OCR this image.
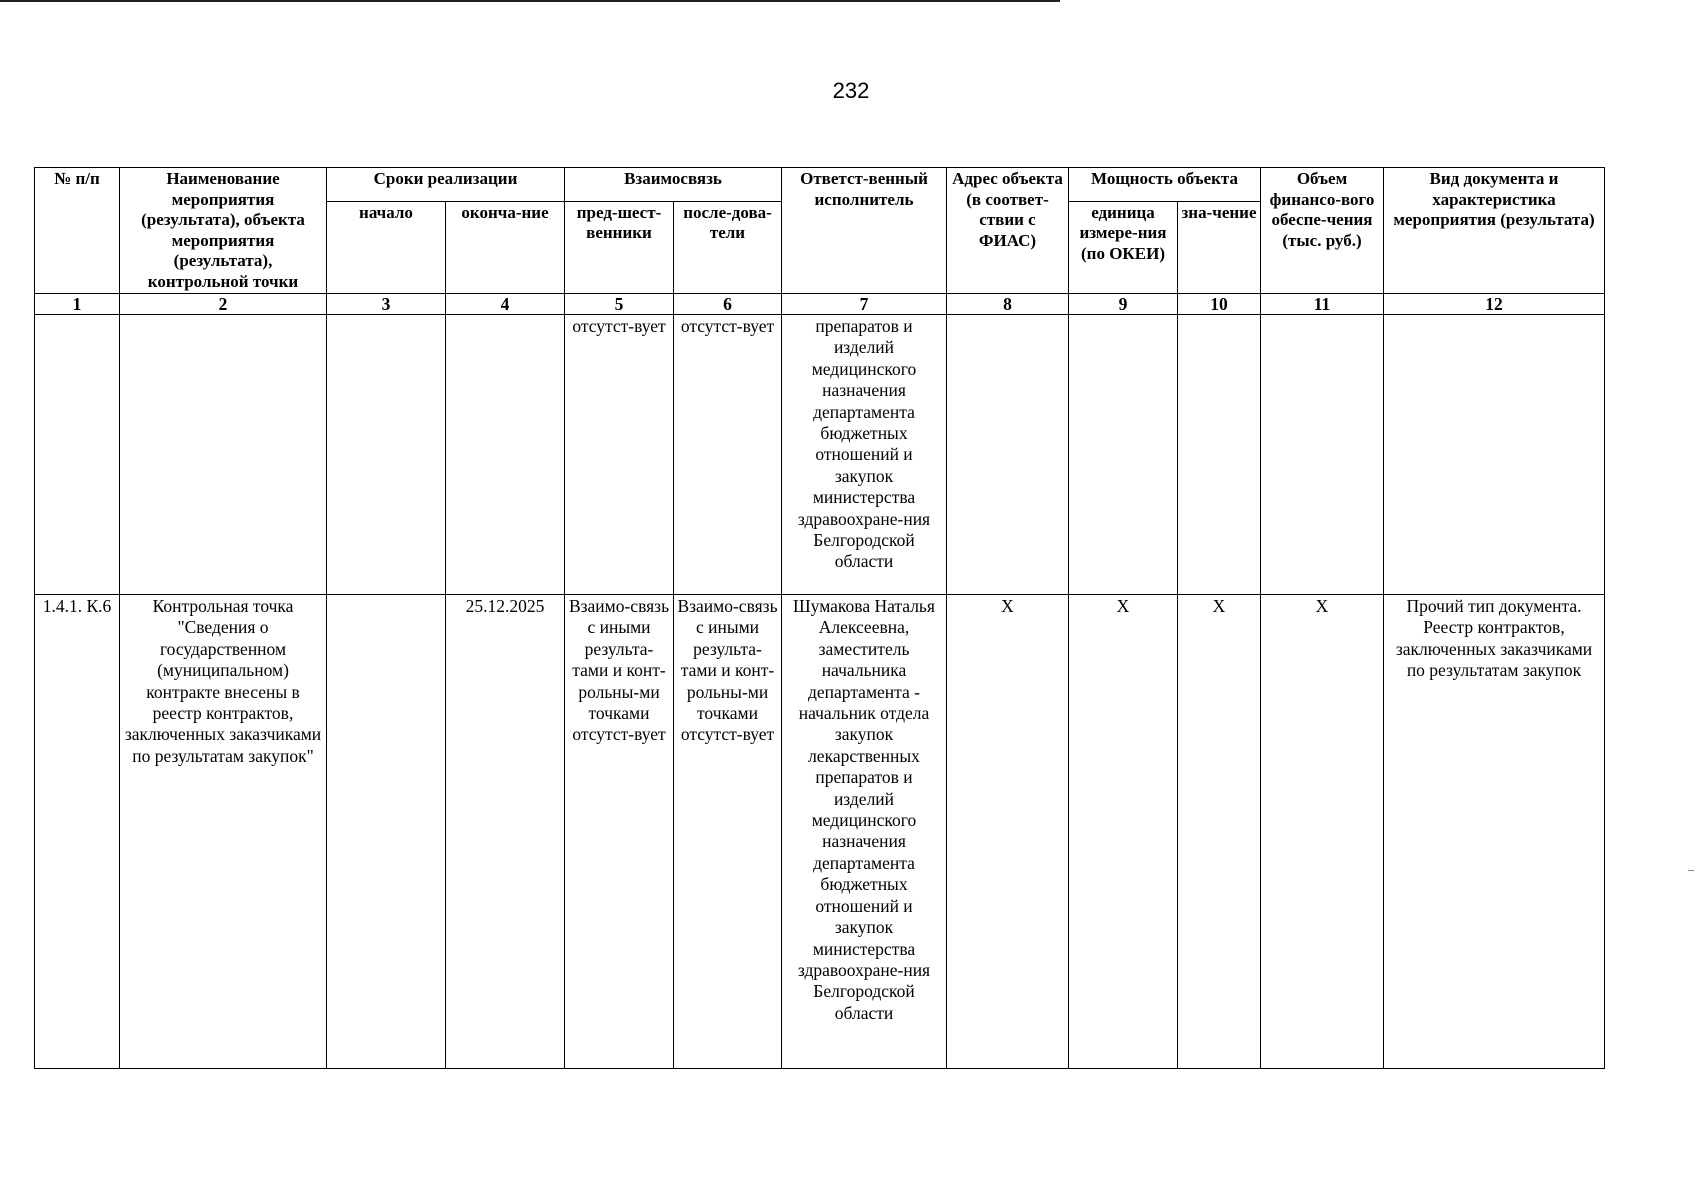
232
№ п/п	Наименование мероприятия (результата), объекта мероприятия (результата), контрольной точки	Сроки реализации		Взаимосвязь		Ответст-венный исполнитель	Адрес объекта (в соответ-ствии с ФИАС)	Мощность объекта		Объем финансо-вого обеспе-чения (тыс. руб.)	Вид документа и характеристика мероприятия (результата)
		начало	оконча-ние	пред-шест-венники	после-дова-тели			единица измере-ния (по ОКЕИ)	зна-чение		
1	2	3	4	5	6	7	8	9	10	11	12
				отсутст-вует	отсутст-вует	препаратов и изделий медицинского назначения департамента бюджетных отношений и закупок министерства здравоохране-ния Белгородской области					
1.4.1. К.6	Контрольная точка "Сведения о государственном (муниципальном) контракте внесены в реестр контрактов, заключенных заказчиками по результатам закупок"		25.12.2025	Взаимо-связь с иными результа-тами и конт-рольны-ми точками отсутст-вует	Взаимо-связь с иными результа-тами и конт-рольны-ми точками отсутст-вует	Шумакова Наталья Алексеевна, заместитель начальника департамента - начальник отдела закупок лекарственных препаратов и изделий медицинского назначения департамента бюджетных отношений и закупок министерства здравоохране-ния Белгородской области	X	X	X	X	Прочий тип документа. Реестр контрактов, заключенных заказчиками по результатам закупок
